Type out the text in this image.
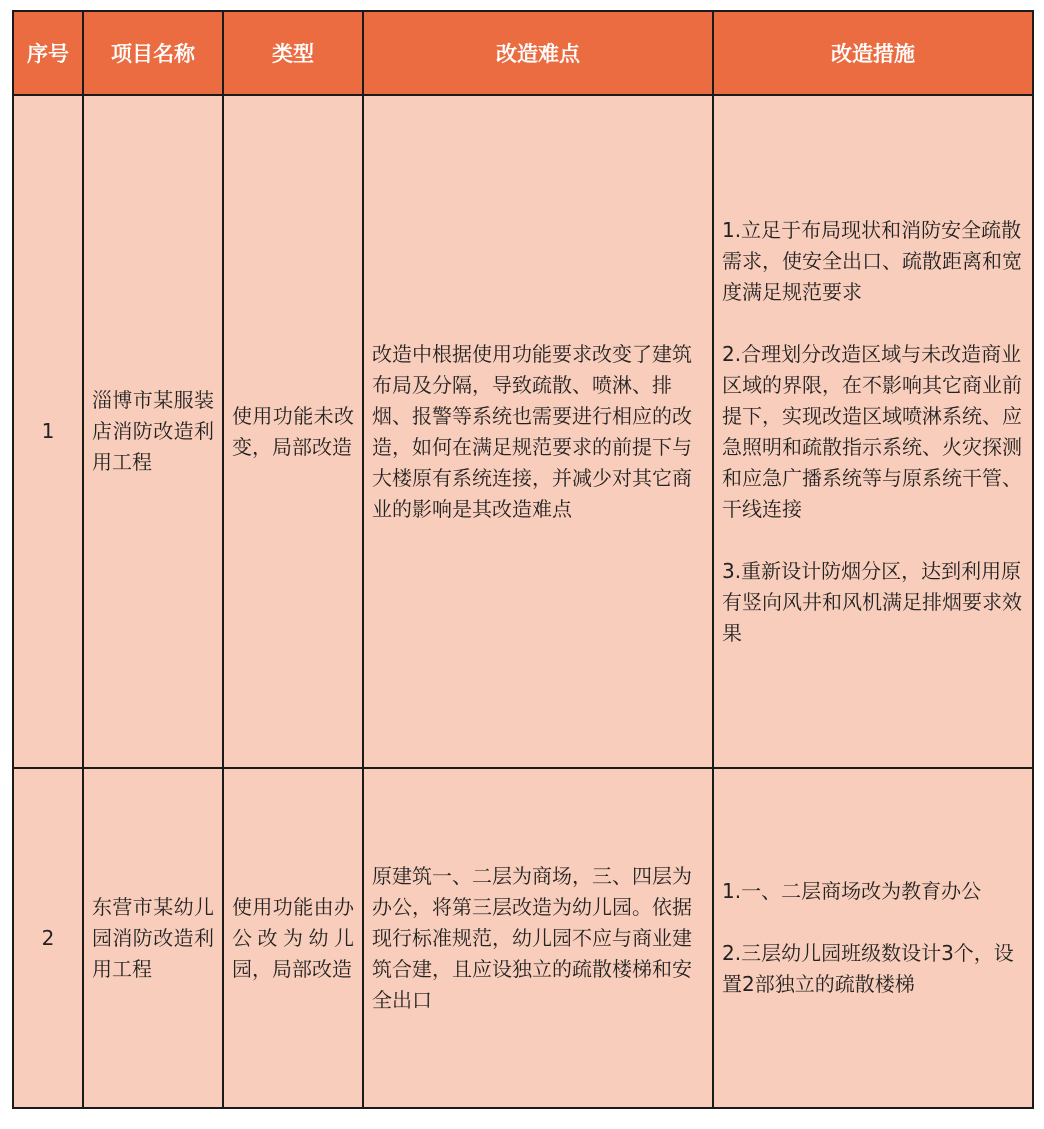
序号	项目名称	类型	改造难点	改造措施
1	淄博市某服装店消防改造利用工程	使用功能未改变，局部改造	改造中根据使用功能要求改变了建筑布局及分隔，导致疏散、喷淋、排烟、报警等系统也需要进行相应的改造，如何在满足规范要求的前提下与大楼原有系统连接，并减少对其它商业的影响是其改造难点	1.立足于布局现状和消防安全疏散需求，使安全出口、疏散距离和宽度满足规范要求
2.合理划分改造区域与未改造商业区域的界限，在不影响其它商业前提下，实现改造区域喷淋系统、应急照明和疏散指示系统、火灾探测和应急广播系统等与原系统干管、干线连接
3.重新设计防烟分区，达到利用原有竖向风井和风机满足排烟要求效果

2	东营市某幼儿园消防改造利用工程	使用功能由办公改为幼儿园，局部改造	原建筑一、二层为商场，三、四层为办公，将第三层改造为幼儿园。依据现行标准规范，幼儿园不应与商业建筑合建，且应设独立的疏散楼梯和安全出口	1.一、二层商场改为教育办公
2.三层幼儿园班级数设计3个，设置2部独立的疏散楼梯
